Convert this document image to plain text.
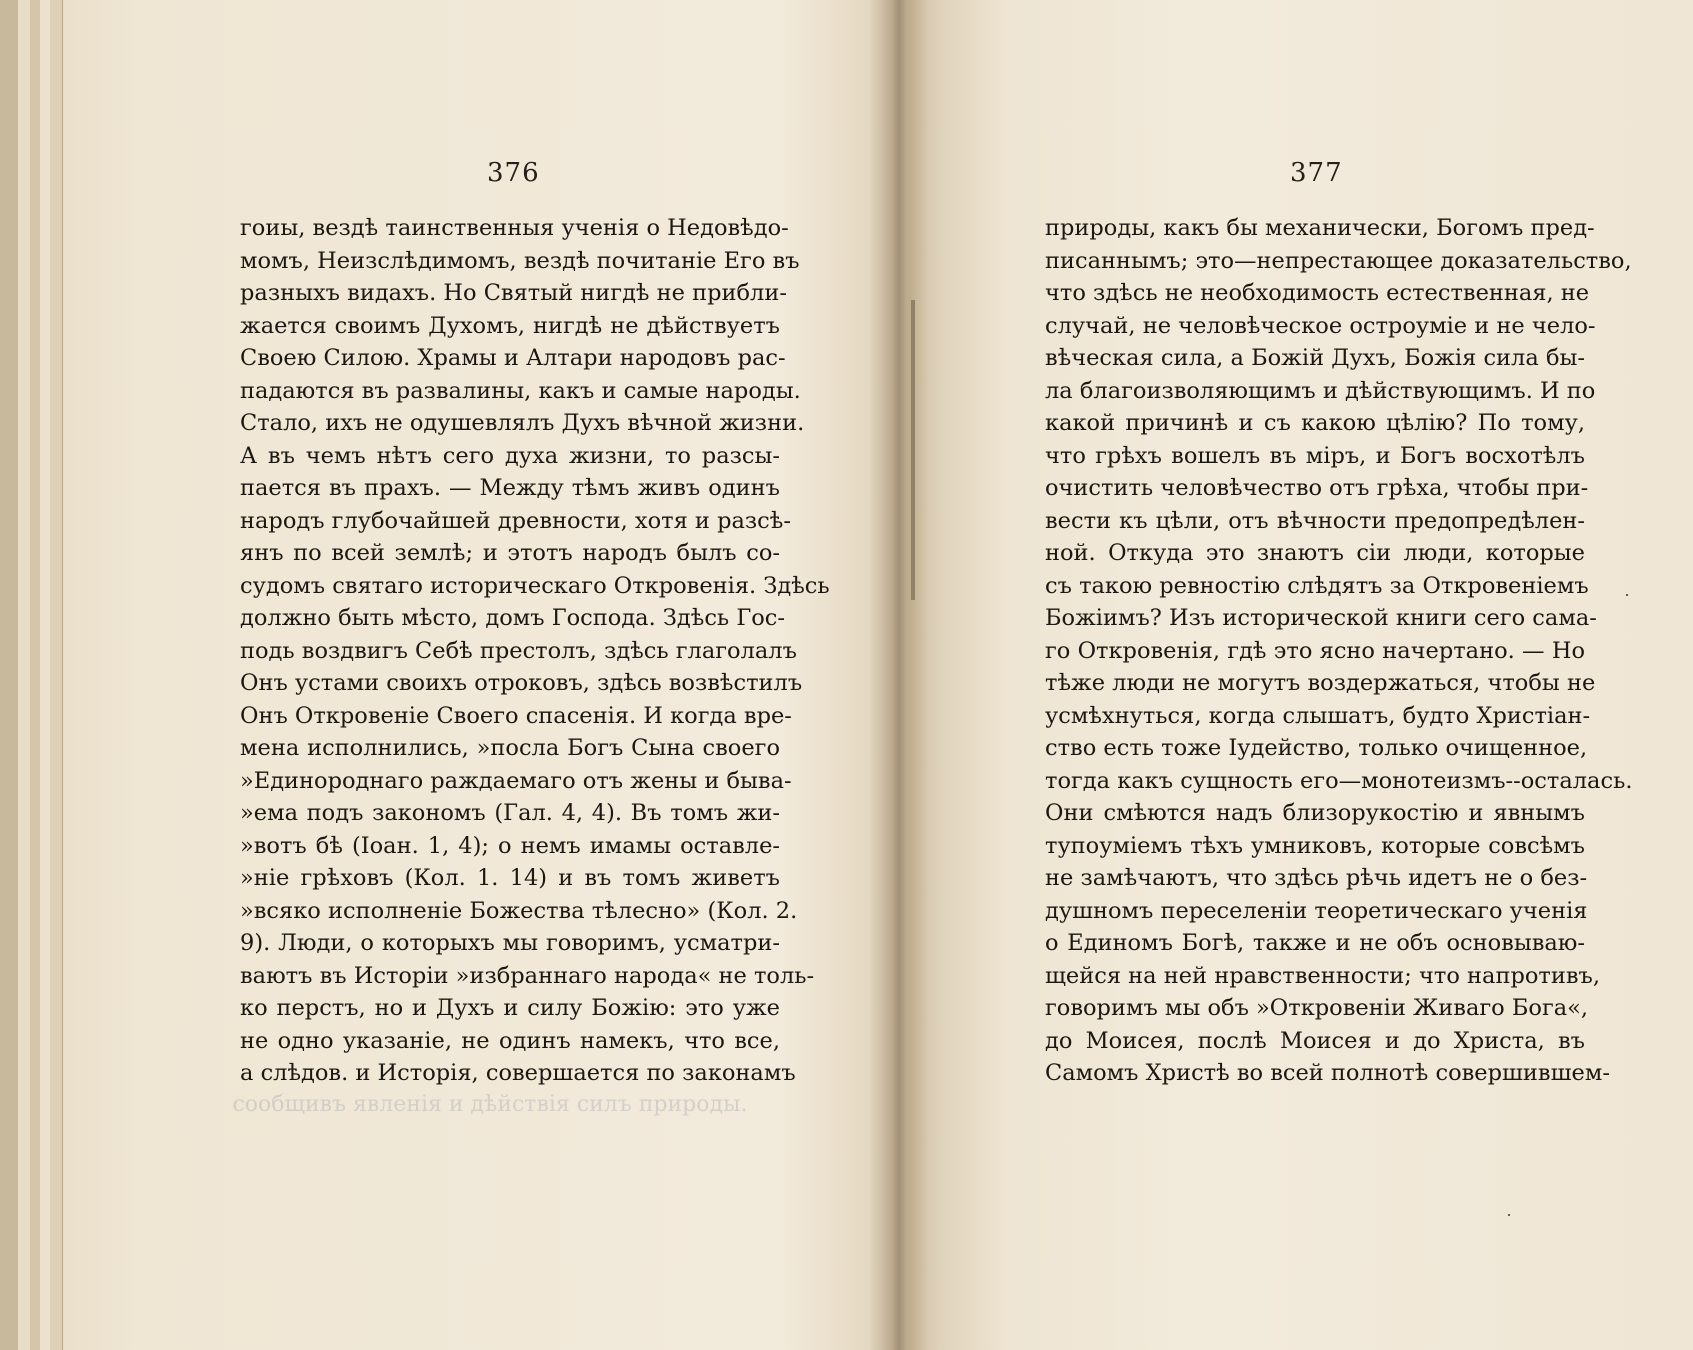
376	377
сообщивъ явленія и дѣйствія силъ природы.
гоиы, вездѣ таинственныя ученія о Недовѣдо-
момъ, Неизслѣдимомъ, вездѣ почитаніе Его въ
разныхъ видахъ. Но Святый нигдѣ не прибли-
жается своимъ Духомъ, нигдѣ не дѣйствуетъ
Своею Силою. Храмы и Алтари народовъ рас-
падаются въ развалины, какъ и самые народы.
Стало, ихъ не одушевлялъ Духъ вѣчной жизни.
А въ чемъ нѣтъ сего духа жизни, то разсы-
пается въ прахъ. — Между тѣмъ живъ одинъ
народъ глубочайшей древности, хотя и разсѣ-
янъ по всей землѣ; и этотъ народъ былъ со-
судомъ святаго историческаго Откровенія. Здѣсь
должно быть мѣсто, домъ Господа. Здѣсь Гос-
подь воздвигъ Себѣ престолъ, здѣсь глаголалъ
Онъ устами своихъ отроковъ, здѣсь возвѣстилъ
Онъ Откровеніе Своего спасенія. И когда вре-
мена исполнились, »посла Богъ Сына своего
»Единороднаго раждаемаго отъ жены и быва-
»ема подъ закономъ (Гал. 4, 4). Въ томъ жи-
»вотъ бѣ (Іоан. 1, 4); о немъ имамы оставле-
»ніе грѣховъ (Кол. 1. 14) и въ томъ живетъ
»всяко исполненіе Божества тѣлесно» (Кол. 2.
9). Люди, о которыхъ мы говоримъ, усматри-
ваютъ въ Исторіи »избраннаго народа« не толь-
ко перстъ, но и Духъ и силу Божію: это уже
не одно указаніе, не одинъ намекъ, что все,
а слѣдов. и Исторія, совершается по законамъ
природы, какъ бы механически, Богомъ пред-
писаннымъ; это—непрестающее доказательство,
что здѣсь не необходимость естественная, не
случай, не человѣческое остроуміе и не чело-
вѣческая сила, а Божій Духъ, Божія сила бы-
ла благоизволяющимъ и дѣйствующимъ. И по
какой причинѣ и съ какою цѣлію? По тому,
что грѣхъ вошелъ въ міръ, и Богъ восхотѣлъ
очистить человѣчество отъ грѣха, чтобы при-
вести къ цѣли, отъ вѣчности предопредѣлен-
ной. Откуда это знаютъ сіи люди, которые
съ такою ревностію слѣдятъ за Откровеніемъ
Божіимъ? Изъ исторической книги сего сама-
го Откровенія, гдѣ это ясно начертано. — Но
тѣже люди не могутъ воздержаться, чтобы не
усмѣхнуться, когда слышатъ, будто Христіан-
ство есть тоже Іудейство, только очищенное,
тогда какъ сущность его—монотеизмъ--осталась.
Они смѣются надъ близорукостію и явнымъ
тупоуміемъ тѣхъ умниковъ, которые совсѣмъ
не замѣчаютъ, что здѣсь рѣчь идетъ не о без-
душномъ переселеніи теоретическаго ученія
о Единомъ Богѣ, также и не объ основываю-
щейся на ней нравственности; что напротивъ,
говоримъ мы объ »Откровеніи Живаго Бога«,
до Моисея, послѣ Моисея и до Христа, въ
Самомъ Христѣ во всей полнотѣ совершившем-
